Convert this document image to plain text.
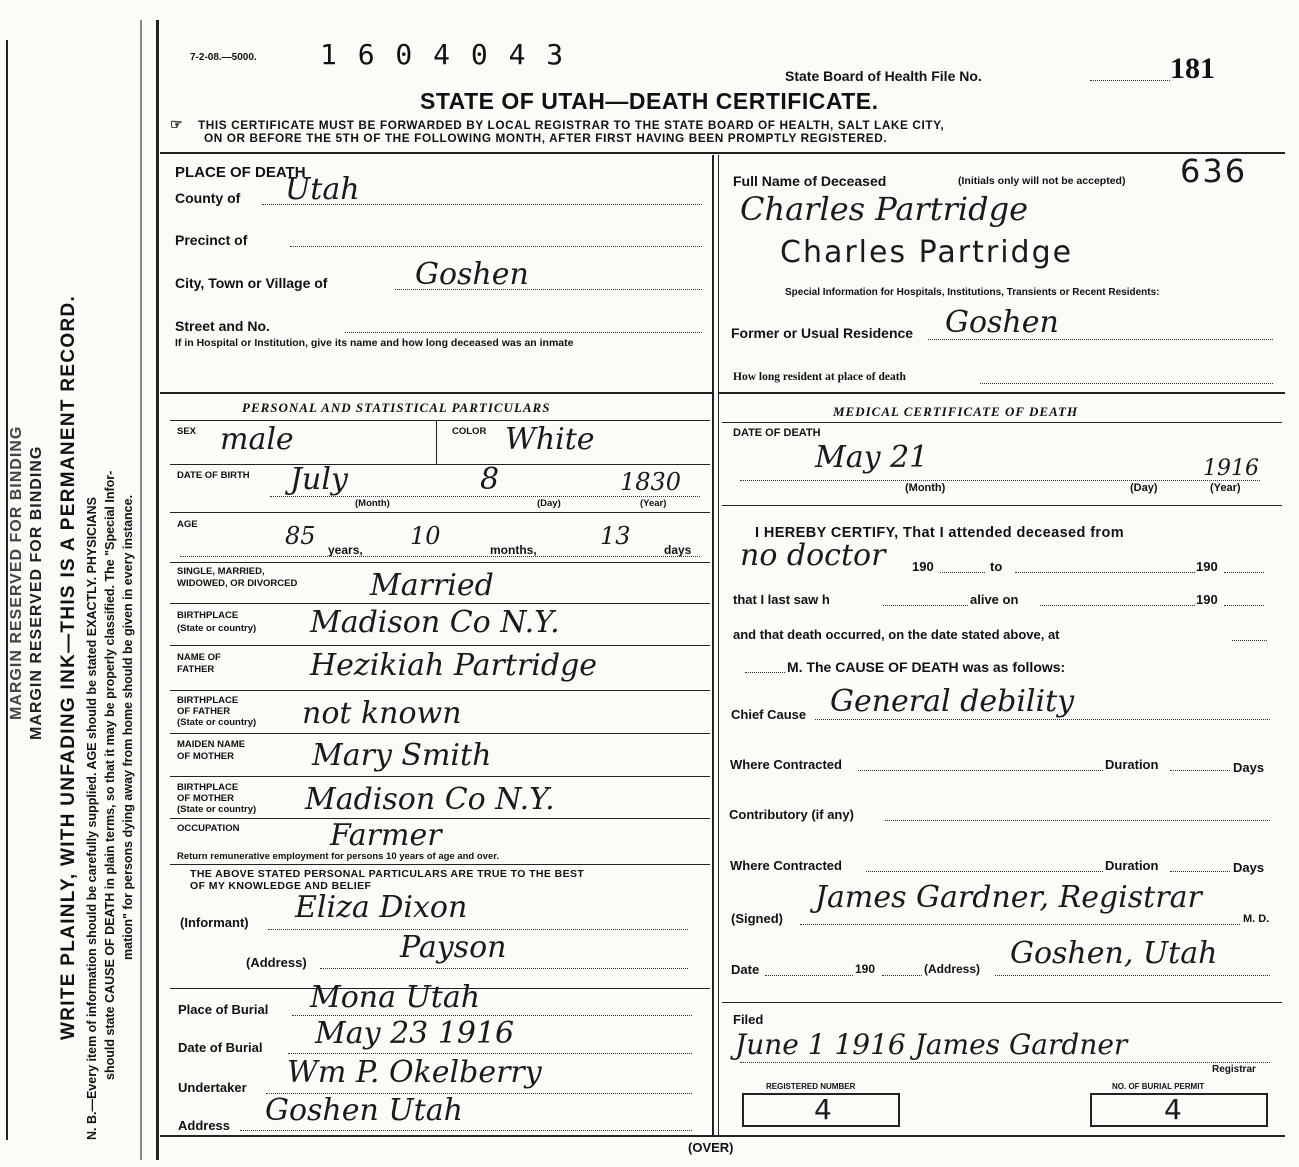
MARGIN RESERVED FOR BINDING MARGIN RESERVED FOR BINDING WRITE PLAINLY, WITH UNFADING INK—THIS IS A PERMANENT RECORD. N. B.—Every item of information should be carefully supplied. AGE should be stated EXACTLY. PHYSICIANS should state CAUSE OF DEATH in plain terms, so that it may be properly classified. The "Special Infor- mation" for persons dying away from home should be given in every instance.
7-2-08.—5000. 1 6 0 4 0 4 3
State Board of Health File No.	181
STATE OF UTAH—DEATH CERTIFICATE.
☞ THIS CERTIFICATE MUST BE FORWARDED BY LOCAL REGISTRAR TO THE STATE BOARD OF HEALTH, SALT LAKE CITY,
ON OR BEFORE THE 5TH OF THE FOLLOWING MONTH, AFTER FIRST HAVING BEEN PROMPTLY REGISTERED.
PLACE OF DEATH
County of Utah
Precinct of
City, Town or Village of	Goshen
Street and No.
If in Hospital or Institution, give its name and how long deceased was an inmate
Full Name of Deceased	(Initials only will not be accepted) 636
Charles Partridge
Charles Partridge
Special Information for Hospitals, Institutions, Transients or Recent Residents:
Former or Usual Residence Goshen
How long resident at place of death
PERSONAL AND STATISTICAL PARTICULARS
SEX male	COLOR White
DATE OF BIRTH July	8	1830
(Month)	(Day)	(Year)
AGE	85 years, 10	months,	13	days
SINGLE, MARRIED,
WIDOWED, OR DIVORCED Married
BIRTHPLACE
(State or country) Madison Co N.Y.
NAME OF
FATHER	Hezikiah Partridge
BIRTHPLACE
OF FATHER
(State or country) not known
MAIDEN NAME
OF MOTHER	Mary Smith
BIRTHPLACE
OF MOTHER
(State or country) Madison Co N.Y.
OCCUPATION	Farmer
Return remunerative employment for persons 10 years of age and over.
THE ABOVE STATED PERSONAL PARTICULARS ARE TRUE TO THE BEST
OF MY KNOWLEDGE AND BELIEF
(Informant) Eliza Dixon
(Address)	Payson
Place of Burial Mona Utah
Date of Burial May 23 1916
Undertaker Wm P. Okelberry
Address Goshen Utah
MEDICAL CERTIFICATE OF DEATH
DATE OF DEATH
May 21	1916
(Month)	(Day)	(Year)
I HEREBY CERTIFY, That I attended deceased from
no doctor 190	to	190
that I last saw h	alive on	190
and that death occurred, on the date stated above, at
M. The CAUSE OF DEATH was as follows:
Chief Cause General debility
Where Contracted	Duration	Days
Contributory (if any)
Where Contracted	Duration	Days
(Signed)
James Gardner, Registrar
M. D.
Date	190	(Address) Goshen, Utah
Filed
June 1 1916 James Gardner
Registrar
REGISTERED NUMBER
4
NO. OF BURIAL PERMIT
4
(OVER)
